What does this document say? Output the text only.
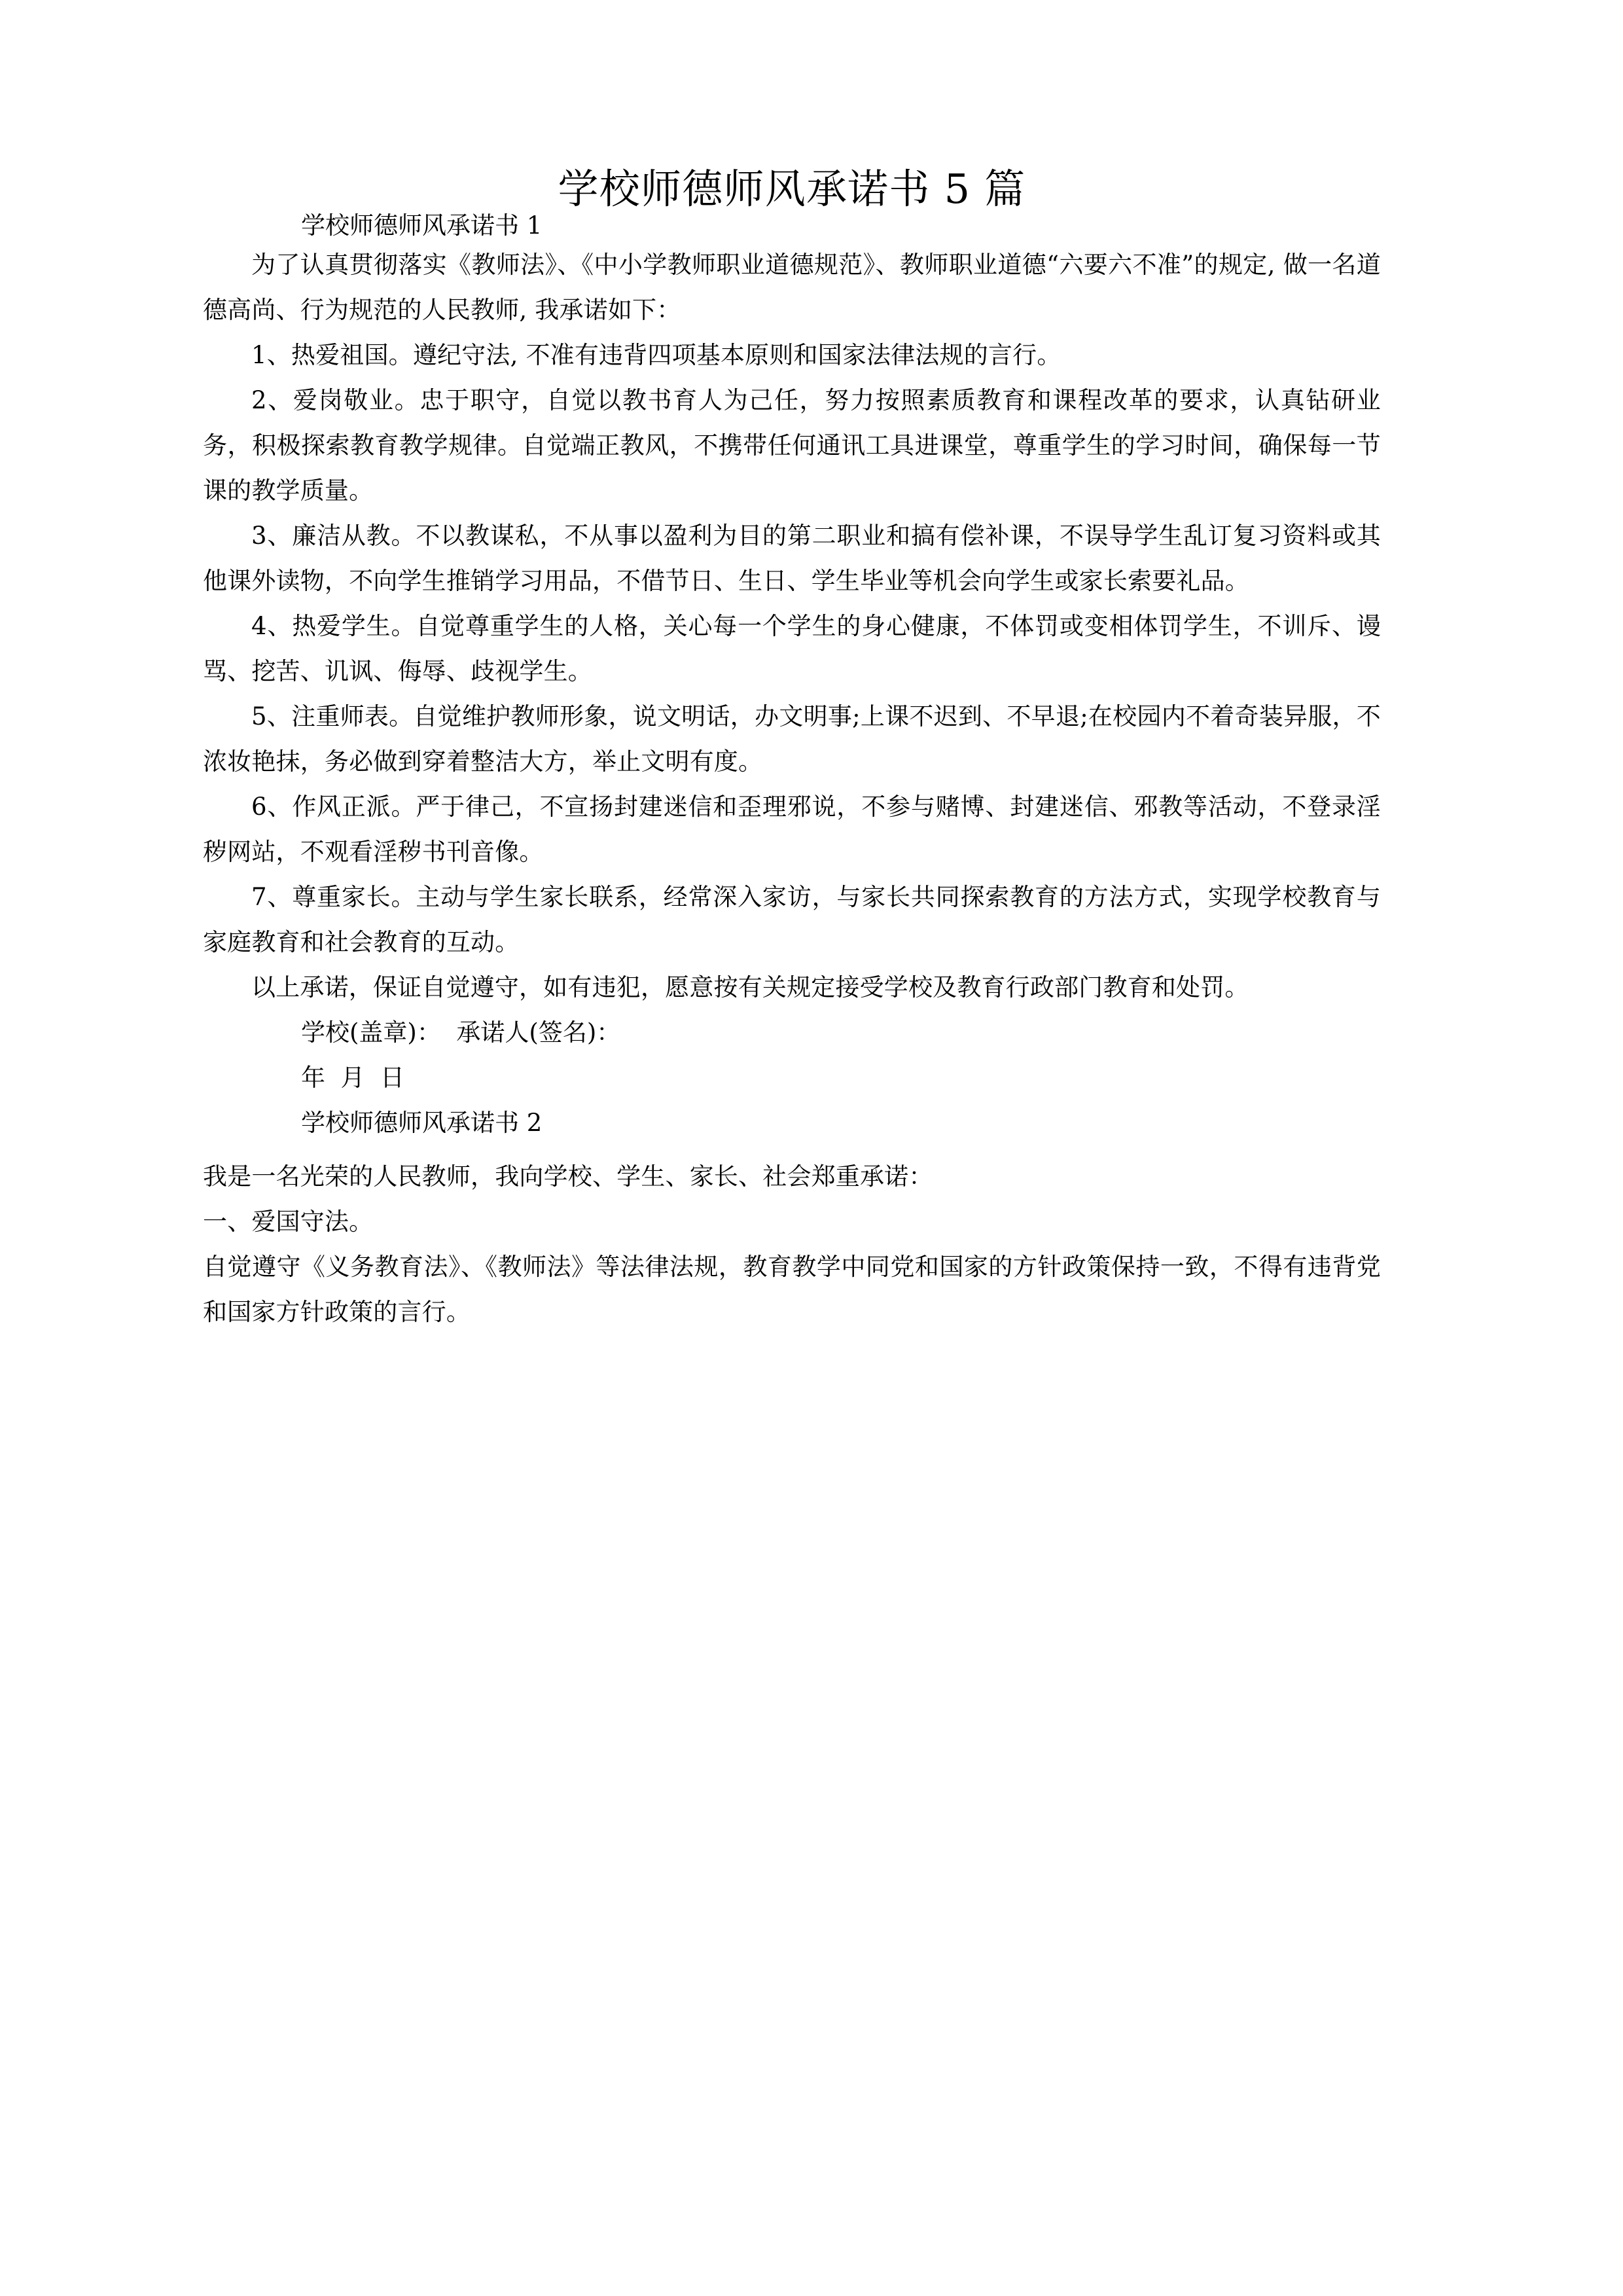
学校师德师风承诺书 5 篇

学校师德师风承诺书 1

为了认真贯彻落实《教师法》、《中小学教师职业道德规范》、教师职业道德“六要六不准”的规定, 做一名道德高尚、行为规范的人民教师, 我承诺如下：

1、热爱祖国。遵纪守法, 不准有违背四项基本原则和国家法律法规的言行。

2、爱岗敬业。忠于职守，自觉以教书育人为己任，努力按照素质教育和课程改革的要求，认真钻研业务，积极探索教育教学规律。自觉端正教风，不携带任何通讯工具进课堂，尊重学生的学习时间，确保每一节课的教学质量。

3、廉洁从教。不以教谋私，不从事以盈利为目的第二职业和搞有偿补课，不误导学生乱订复习资料或其他课外读物，不向学生推销学习用品，不借节日、生日、学生毕业等机会向学生或家长索要礼品。

4、热爱学生。自觉尊重学生的人格，关心每一个学生的身心健康，不体罚或变相体罚学生，不训斥、谩骂、挖苦、讥讽、侮辱、歧视学生。

5、注重师表。自觉维护教师形象，说文明话，办文明事;上课不迟到、不早退;在校园内不着奇装异服，不浓妆艳抹，务必做到穿着整洁大方，举止文明有度。

6、作风正派。严于律己，不宣扬封建迷信和歪理邪说，不参与赌博、封建迷信、邪教等活动，不登录淫秽网站，不观看淫秽书刊音像。

7、尊重家长。主动与学生家长联系，经常深入家访，与家长共同探索教育的方法方式，实现学校教育与家庭教育和社会教育的互动。

以上承诺，保证自觉遵守，如有违犯，愿意按有关规定接受学校及教育行政部门教育和处罚。

学校(盖章)：  承诺人(签名)：

年  月  日

学校师德师风承诺书 2

我是一名光荣的人民教师，我向学校、学生、家长、社会郑重承诺：

一、爱国守法。

自觉遵守《义务教育法》、《教师法》等法律法规，教育教学中同党和国家的方针政策保持一致，不得有违背党和国家方针政策的言行。
